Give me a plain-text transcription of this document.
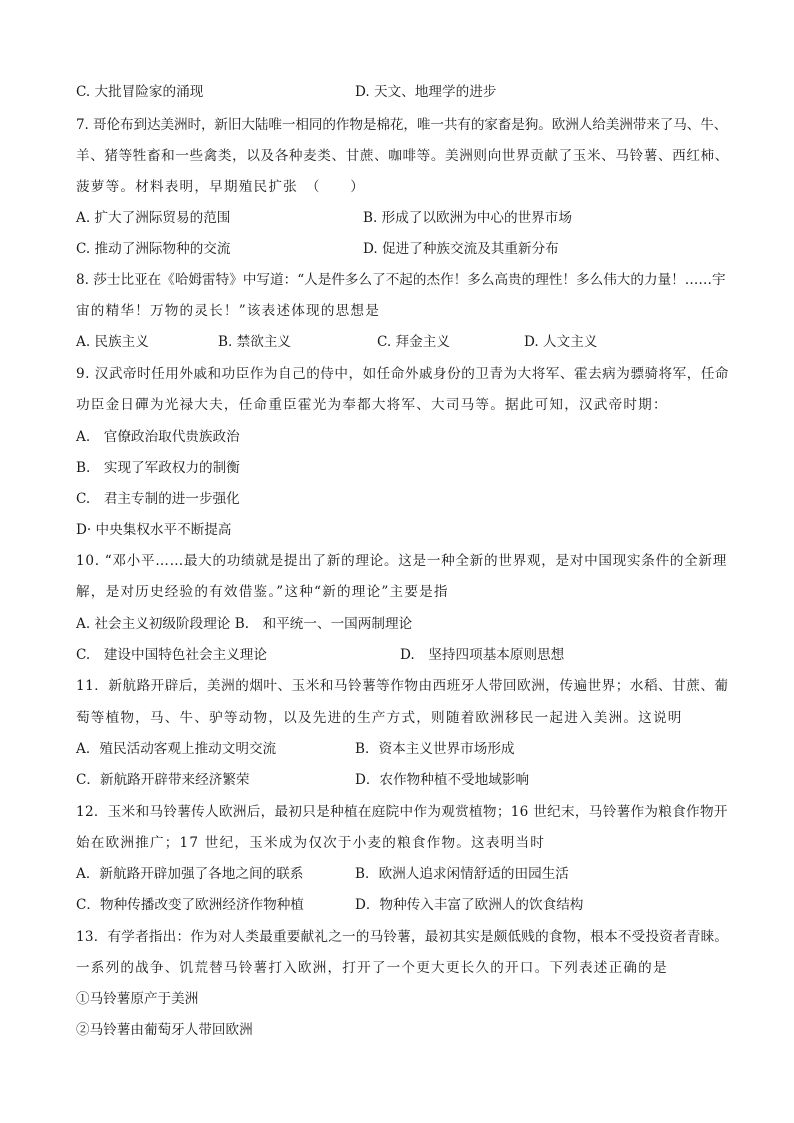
C. 大批冒险家的涌现	D. 天文、地理学的进步
7. 哥伦布到达美洲时，新旧大陆唯一相同的作物是棉花，唯一共有的家畜是狗。欧洲人给美洲带来了马、牛、
羊、猪等牲畜和一些禽类，以及各种麦类、甘蔗、咖啡等。美洲则向世界贡献了玉米、马铃薯、西红柿、
菠萝等。材料表明，早期殖民扩张　（　　）
A. 扩大了洲际贸易的范围	B. 形成了以欧洲为中心的世界市场
C. 推动了洲际物种的交流	D. 促进了种族交流及其重新分布
8. 莎士比亚在《哈姆雷特》中写道：“人是件多么了不起的杰作！多么高贵的理性！多么伟大的力量！……宇
宙的精华！万物的灵长！”该表述体现的思想是
A. 民族主义	B. 禁欲主义	C. 拜金主义	D. 人文主义
9. 汉武帝时任用外戚和功臣作为自己的侍中，如任命外戚身份的卫青为大将军、霍去病为骠骑将军，任命
功臣金日磾为光禄大夫，任命重臣霍光为奉都大将军、大司马等。据此可知，汉武帝时期：
A.　官僚政治取代贵族政治
B.　实现了军政权力的制衡
C.　君主专制的进一步强化
D· 中央集权水平不断提高
10. “邓小平……最大的功绩就是提出了新的理论。这是一种全新的世界观，是对中国现实条件的全新理
解，是对历史经验的有效借鉴。”这种“新的理论”主要是指
A. 社会主义初级阶段理论 B.　和平统一、一国两制理论
C.　建设中国特色社会主义理论	D.　坚持四项基本原则思想
11．新航路开辟后，美洲的烟叶、玉米和马铃薯等作物由西班牙人带回欧洲，传遍世界；水稻、甘蔗、葡
萄等植物，马、牛、驴等动物，以及先进的生产方式，则随着欧洲移民一起进入美洲。这说明
A．殖民活动客观上推动文明交流	B．资本主义世界市场形成
C．新航路开辟带来经济繁荣	D．农作物种植不受地域影响
12．玉米和马铃薯传人欧洲后，最初只是种植在庭院中作为观赏植物；16 世纪末，马铃薯作为粮食作物开
始在欧洲推广；17 世纪，玉米成为仅次于小麦的粮食作物。这表明当时
A．新航路开辟加强了各地之间的联系	B．欧洲人追求闲情舒适的田园生活
C．物种传播改变了欧洲经济作物种植	D．物种传入丰富了欧洲人的饮食结构
13．有学者指出：作为对人类最重要献礼之一的马铃薯，最初其实是颇低贱的食物，根本不受投资者青睐。
一系列的战争、饥荒替马铃薯打入欧洲，打开了一个更大更长久的开口。下列表述正确的是
①马铃薯原产于美洲
②马铃薯由葡萄牙人带回欧洲
